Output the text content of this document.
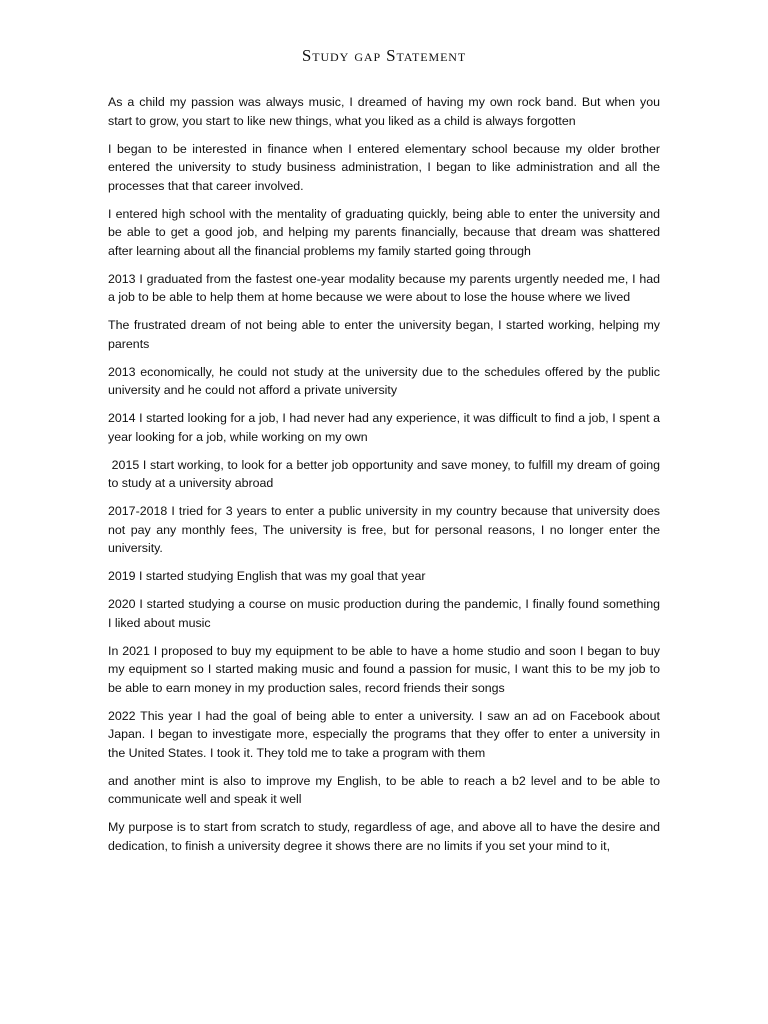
Study gap Statement

As a child my passion was always music, I dreamed of having my own rock band. But when you start to grow, you start to like new things, what you liked as a child is always forgotten

I began to be interested in finance when I entered elementary school because my older brother entered the university to study business administration, I began to like administration and all the processes that that career involved.

I entered high school with the mentality of graduating quickly, being able to enter the university and be able to get a good job, and helping my parents financially, because that dream was shattered after learning about all the financial problems my family started going through

2013 I graduated from the fastest one-year modality because my parents urgently needed me, I had a job to be able to help them at home because we were about to lose the house where we lived

The frustrated dream of not being able to enter the university began, I started working, helping my parents

2013 economically, he could not study at the university due to the schedules offered by the public university and he could not afford a private university

2014 I started looking for a job, I had never had any experience, it was difficult to find a job, I spent a year looking for a job, while working on my own

2015 I start working, to look for a better job opportunity and save money, to fulfill my dream of going to study at a university abroad

2017-2018 I tried for 3 years to enter a public university in my country because that university does not pay any monthly fees, The university is free, but for personal reasons, I no longer enter the university.

2019 I started studying English that was my goal that year

2020 I started studying a course on music production during the pandemic, I finally found something I liked about music

In 2021 I proposed to buy my equipment to be able to have a home studio and soon I began to buy my equipment so I started making music and found a passion for music, I want this to be my job to be able to earn money in my production sales, record friends their songs

2022 This year I had the goal of being able to enter a university. I saw an ad on Facebook about Japan. I began to investigate more, especially the programs that they offer to enter a university in the United States. I took it. They told me to take a program with them

and another mint is also to improve my English, to be able to reach a b2 level and to be able to communicate well and speak it well

My purpose is to start from scratch to study, regardless of age, and above all to have the desire and dedication, to finish a university degree it shows there are no limits if you set your mind to it,
